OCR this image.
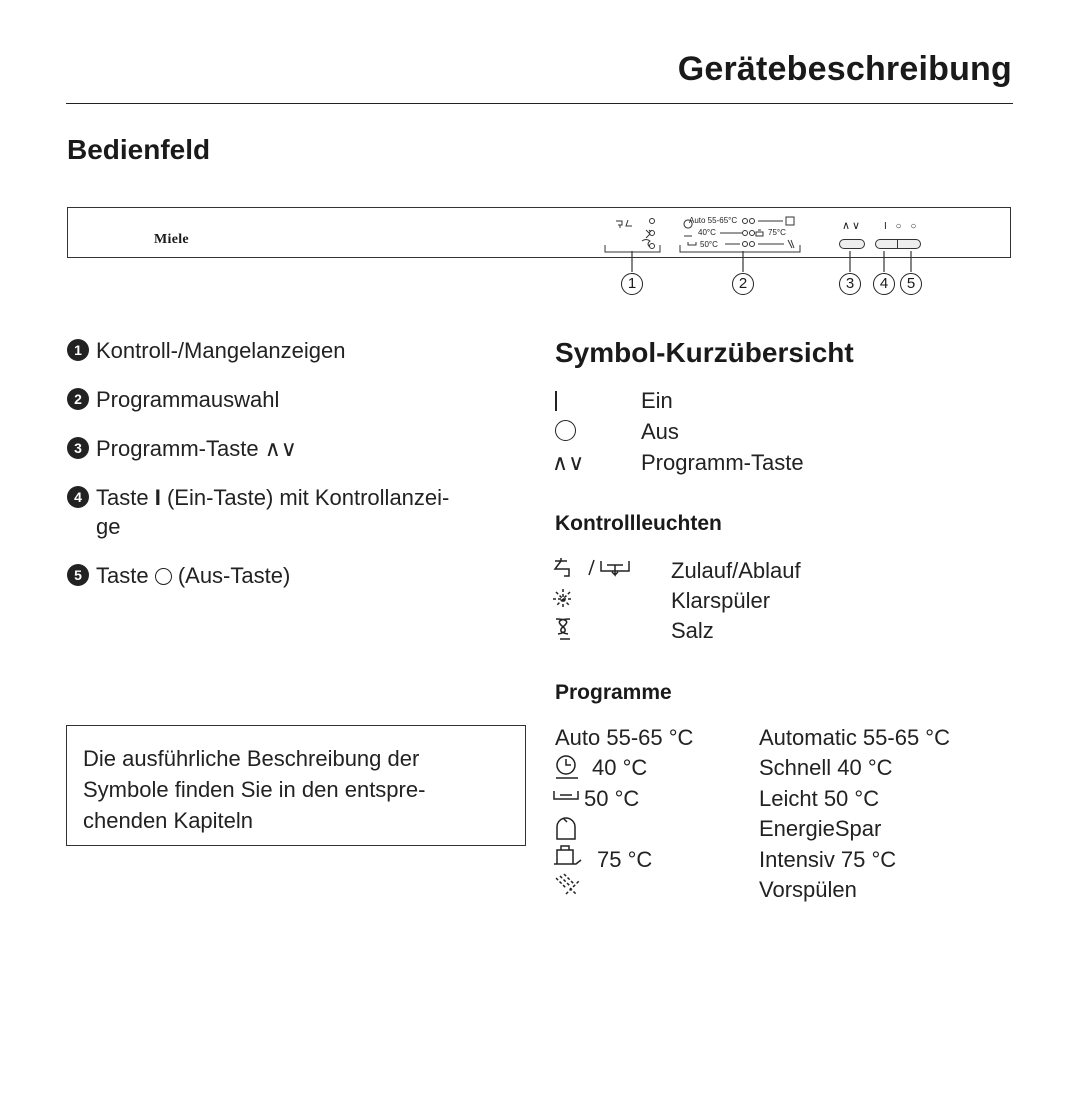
Gerätebeschreibung
Bedienfeld
Miele
Auto 55-65°C
40°C	75°C
50°C
∧∨ I ○ ○
1	2	3	4	5
1 Kontroll-/Mangelanzeigen
2 Programmauswahl
3 Programm-Taste ∧∨
4 Taste I (Ein-Taste) mit Kontrollanzei-
ge
5 Taste  (Aus-Taste)
Die ausführliche Beschreibung der
Symbole finden Sie in den entspre-
chenden Kapiteln
Symbol-Kurzübersicht
Ein
Aus
∧∨	Programm-Taste
Kontrollleuchten
Zulauf/Ablauf
Klarspüler
Salz
Programme
Auto 55-65 °C	Automatic 55-65 °C
40 °C	Schnell 40 °C
50 °C	Leicht 50 °C
EnergieSpar
75 °C	Intensiv 75 °C
Vorspülen
